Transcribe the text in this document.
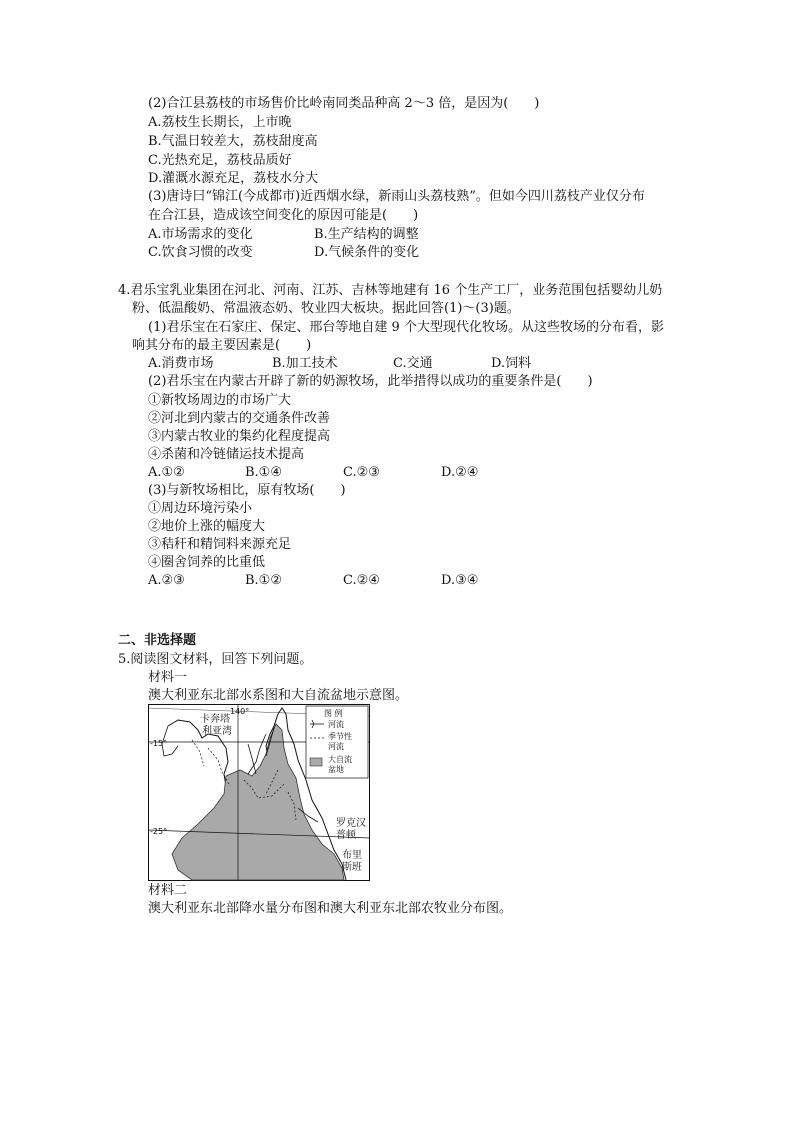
(2)合江县荔枝的市场售价比岭南同类品种高 2～3 倍，是因为(　　)
A.荔枝生长期长，上市晚
B.气温日较差大，荔枝甜度高
C.光热充足，荔枝品质好
D.灌溉水源充足，荔枝水分大
(3)唐诗曰“锦江(今成都市)近西烟水绿，新雨山头荔枝熟”。但如今四川荔枝产业仅分布
在合江县，造成该空间变化的原因可能是(　　)
A.市场需求的变化	B.生产结构的调整
C.饮食习惯的改变	D.气候条件的变化
4.君乐宝乳业集团在河北、河南、江苏、吉林等地建有 16 个生产工厂，业务范围包括婴幼儿奶
粉、低温酸奶、常温液态奶、牧业四大板块。据此回答(1)～(3)题。
(1)君乐宝在石家庄、保定、邢台等地自建 9 个大型现代化牧场。从这些牧场的分布看，影
响其分布的最主要因素是(　　)
A.消费市场	B.加工技术	C.交通	D.饲料
(2)君乐宝在内蒙古开辟了新的奶源牧场，此举措得以成功的重要条件是(　　)
①新牧场周边的市场广大
②河北到内蒙古的交通条件改善
③内蒙古牧业的集约化程度提高
④杀菌和冷链储运技术提高
A.①②	B.①④	C.②③	D.②④
(3)与新牧场相比，原有牧场(　　)
①周边环境污染小
②地价上涨的幅度大
③秸秆和精饲料来源充足
④圈舍饲养的比重低
A.②③	B.①②	C.②④	D.③④
二、非选择题
5.阅读图文材料，回答下列问题。
材料一
澳大利亚东北部水系图和大自流盆地示意图。
140°
-15°
-25°
卡奔塔
利亚湾
罗克汉
普顿
布里
斯班
图 例
河流
季节性
河流
大自流
盆地
材料二
澳大利亚东北部降水量分布图和澳大利亚东北部农牧业分布图。
